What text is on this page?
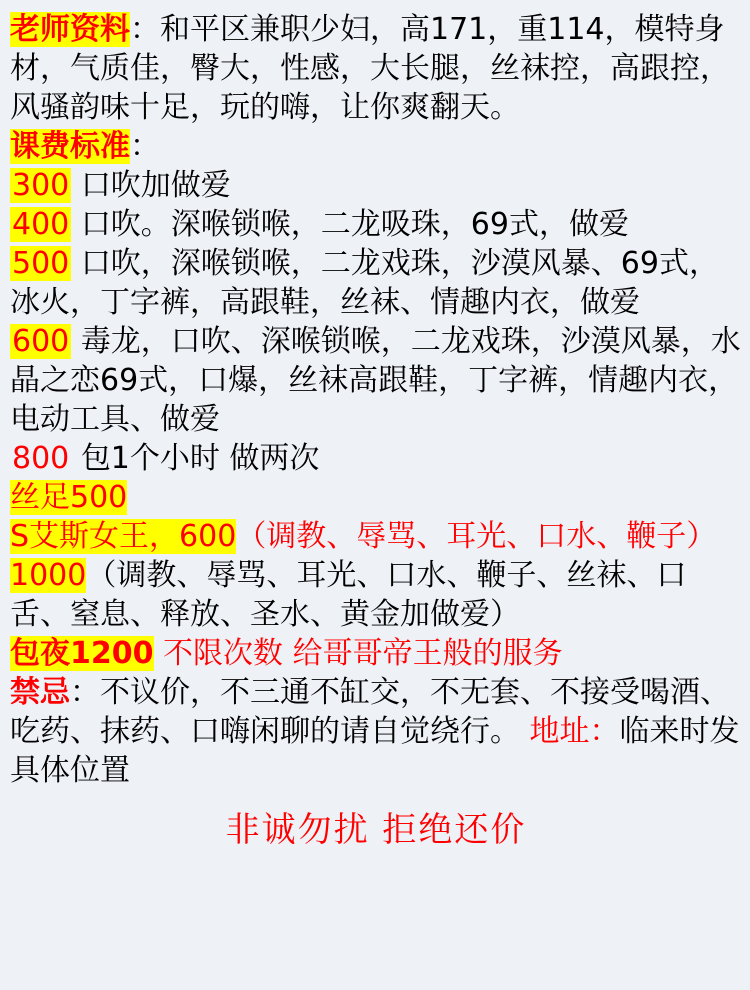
老师资料：和平区兼职少妇，高171，重114，模特身材，气质佳，臀大，性感，大长腿，丝袜控，高跟控，风骚韵味十足，玩的嗨，让你爽翻天。
课费标准：
300 口吹加做爱
400 口吹。深喉锁喉，二龙吸珠，69式，做爱
500 口吹，深喉锁喉，二龙戏珠，沙漠风暴、69式，冰火，丁字裤，高跟鞋，丝袜、情趣内衣，做爱
600 毒龙，口吹、深喉锁喉，二龙戏珠，沙漠风暴，水晶之恋69式，口爆，丝袜高跟鞋，丁字裤，情趣内衣，电动工具、做爱
800 包1个小时 做两次
丝足500
S艾斯女王，600（调教、辱骂、耳光、口水、鞭子）
1000（调教、辱骂、耳光、口水、鞭子、丝袜、口舌、窒息、释放、圣水、黄金加做爱）
包夜1200 不限次数 给哥哥帝王般的服务
禁忌：不议价，不三通不缸交，不无套、不接受喝酒、吃药、抹药、口嗨闲聊的请自觉绕行。 地址：临来时发具体位置
非诚勿扰 拒绝还价
